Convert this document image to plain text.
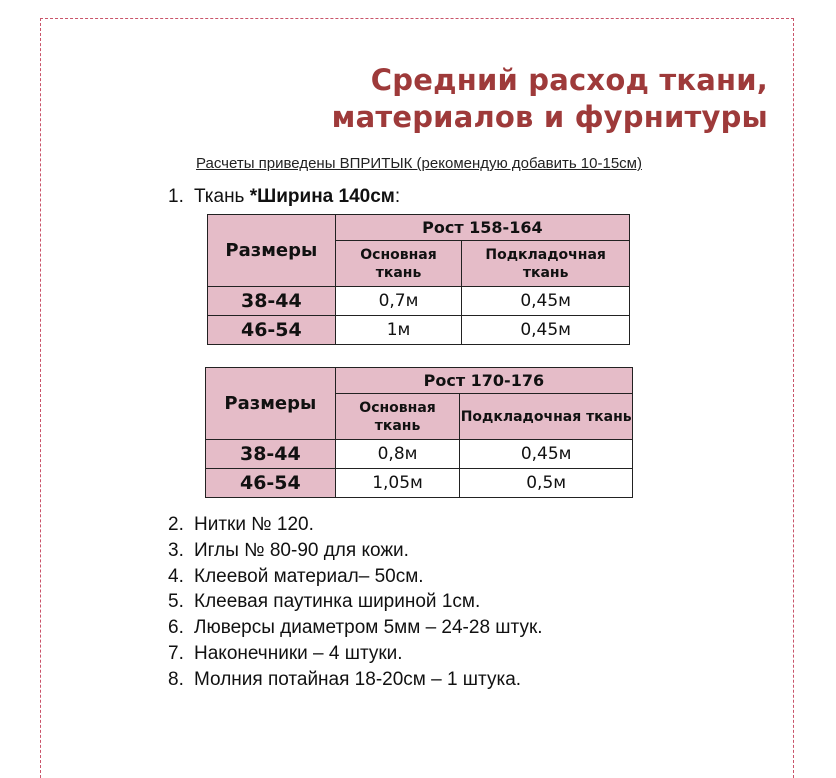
Средний расход ткани,
материалов и фурнитуры
Расчеты приведены ВПРИТЫК (рекомендую добавить 10-15см)
1. Ткань *Ширина 140см:
Размеры	Рост 158-164	
	Основная ткань	Подкладочная ткань
38-44	0,7м	0,45м
46-54	1м	0,45м
Размеры	Рост 170-176	
	Основная ткань	Подкладочная ткань
38-44	0,8м	0,45м
46-54	1,05м	0,5м
2. Нитки № 120.
3. Иглы № 80-90 для кожи.
4. Клеевой материал– 50см.
5. Клеевая паутинка шириной 1см.
6. Люверсы диаметром 5мм – 24-28 штук.
7. Наконечники – 4 штуки.
8. Молния потайная 18-20см – 1 штука.
